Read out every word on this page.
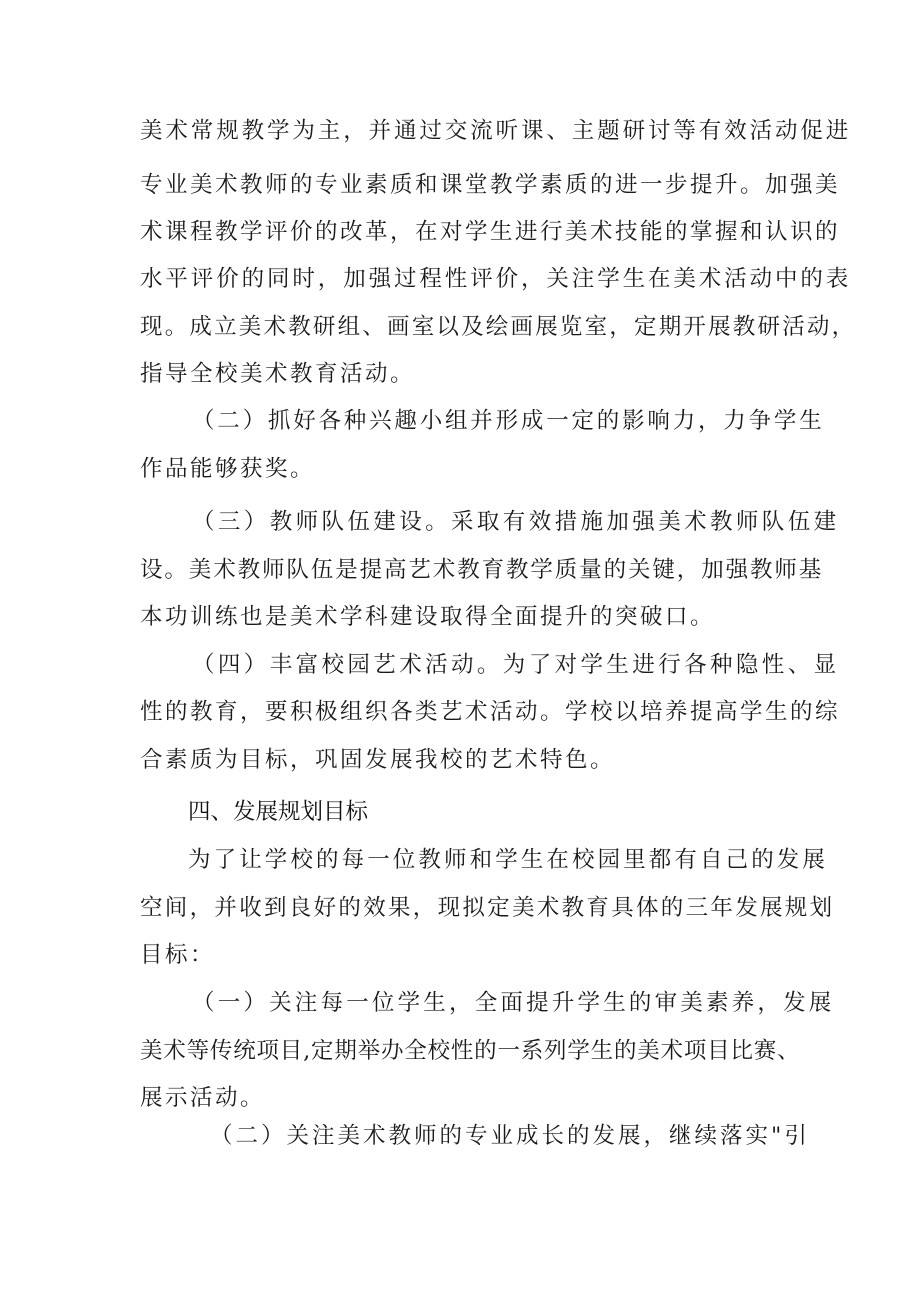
美术常规教学为主，并通过交流听课、主题研讨等有效活动促进
专业美术教师的专业素质和课堂教学素质的进一步提升。加强美
术课程教学评价的改革，在对学生进行美术技能的掌握和认识的
水平评价的同时，加强过程性评价，关注学生在美术活动中的表
现。成立美术教研组、画室以及绘画展览室，定期开展教研活动，
指导全校美术教育活动。
（二）抓好各种兴趣小组并形成一定的影响力，力争学生
作品能够获奖。
（三）教师队伍建设。采取有效措施加强美术教师队伍建
设。美术教师队伍是提高艺术教育教学质量的关键，加强教师基
本功训练也是美术学科建设取得全面提升的突破口。
（四）丰富校园艺术活动。为了对学生进行各种隐性、显
性的教育，要积极组织各类艺术活动。学校以培养提高学生的综
合素质为目标，巩固发展我校的艺术特色。
四、发展规划目标
为了让学校的每一位教师和学生在校园里都有自己的发展
空间，并收到良好的效果，现拟定美术教育具体的三年发展规划
目标：
（一）关注每一位学生，全面提升学生的审美素养，发展
美术等传统项目,定期举办全校性的一系列学生的美术项目比赛、
展示活动。
（二）关注美术教师的专业成长的发展，继续落实"引
